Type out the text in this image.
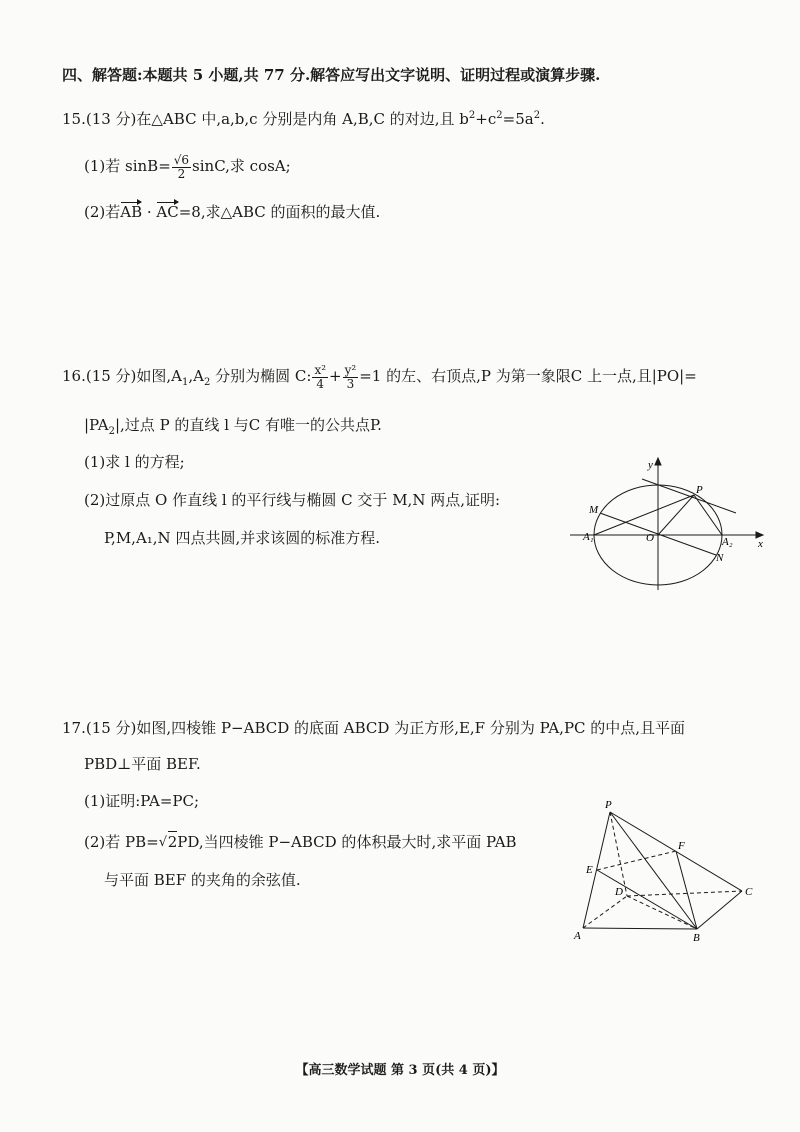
四、解答题:本题共 5 小题,共 77 分.解答应写出文字说明、证明过程或演算步骤.
15.(13 分)在△ABC 中,a,b,c 分别是内角 A,B,C 的对边,且 $b^2+c^2=5a^2$.
(1)若 $\sin B= \frac{√6}{2} \sin C$,求 cosA;
(2)若AB · AC=8,求△ABC 的面积的最大值.
16.(15 分)如图$,A_1,A_2$ 分别为椭圆 C: $\frac{\text{x²}}{4} + \frac{\text{y²}}{3} =1$ 的左、右顶点,P 为第一象限C 上一点,且|PO|=
$|PA_2|$,过点 P 的直线 l 与C 有唯一的公共点P.
(1)求 l 的方程;
(2)过原点 O 作直线 l 的平行线与椭圆 C 交于 M,N 两点,证明:
P,M,A₁,N 四点共圆,并求该圆的标准方程.
y
x
P
M
A₁	O	A₂
N
17.(15 分)如图,四棱锥 P−ABCD 的底面 ABCD 为正方形,E,F 分别为 PA,PC 的中点,且平面
PBD⊥平面 BEF.
(1)证明:PA=PC;
(2)若 PB= √ 2PD,当四棱锥 P−ABCD 的体积最大时,求平面 PAB
与平面 BEF 的夹角的余弦值.
P
E
F
D	C
A	B
【高三数学试题 第 3 页(共 4 页)】
